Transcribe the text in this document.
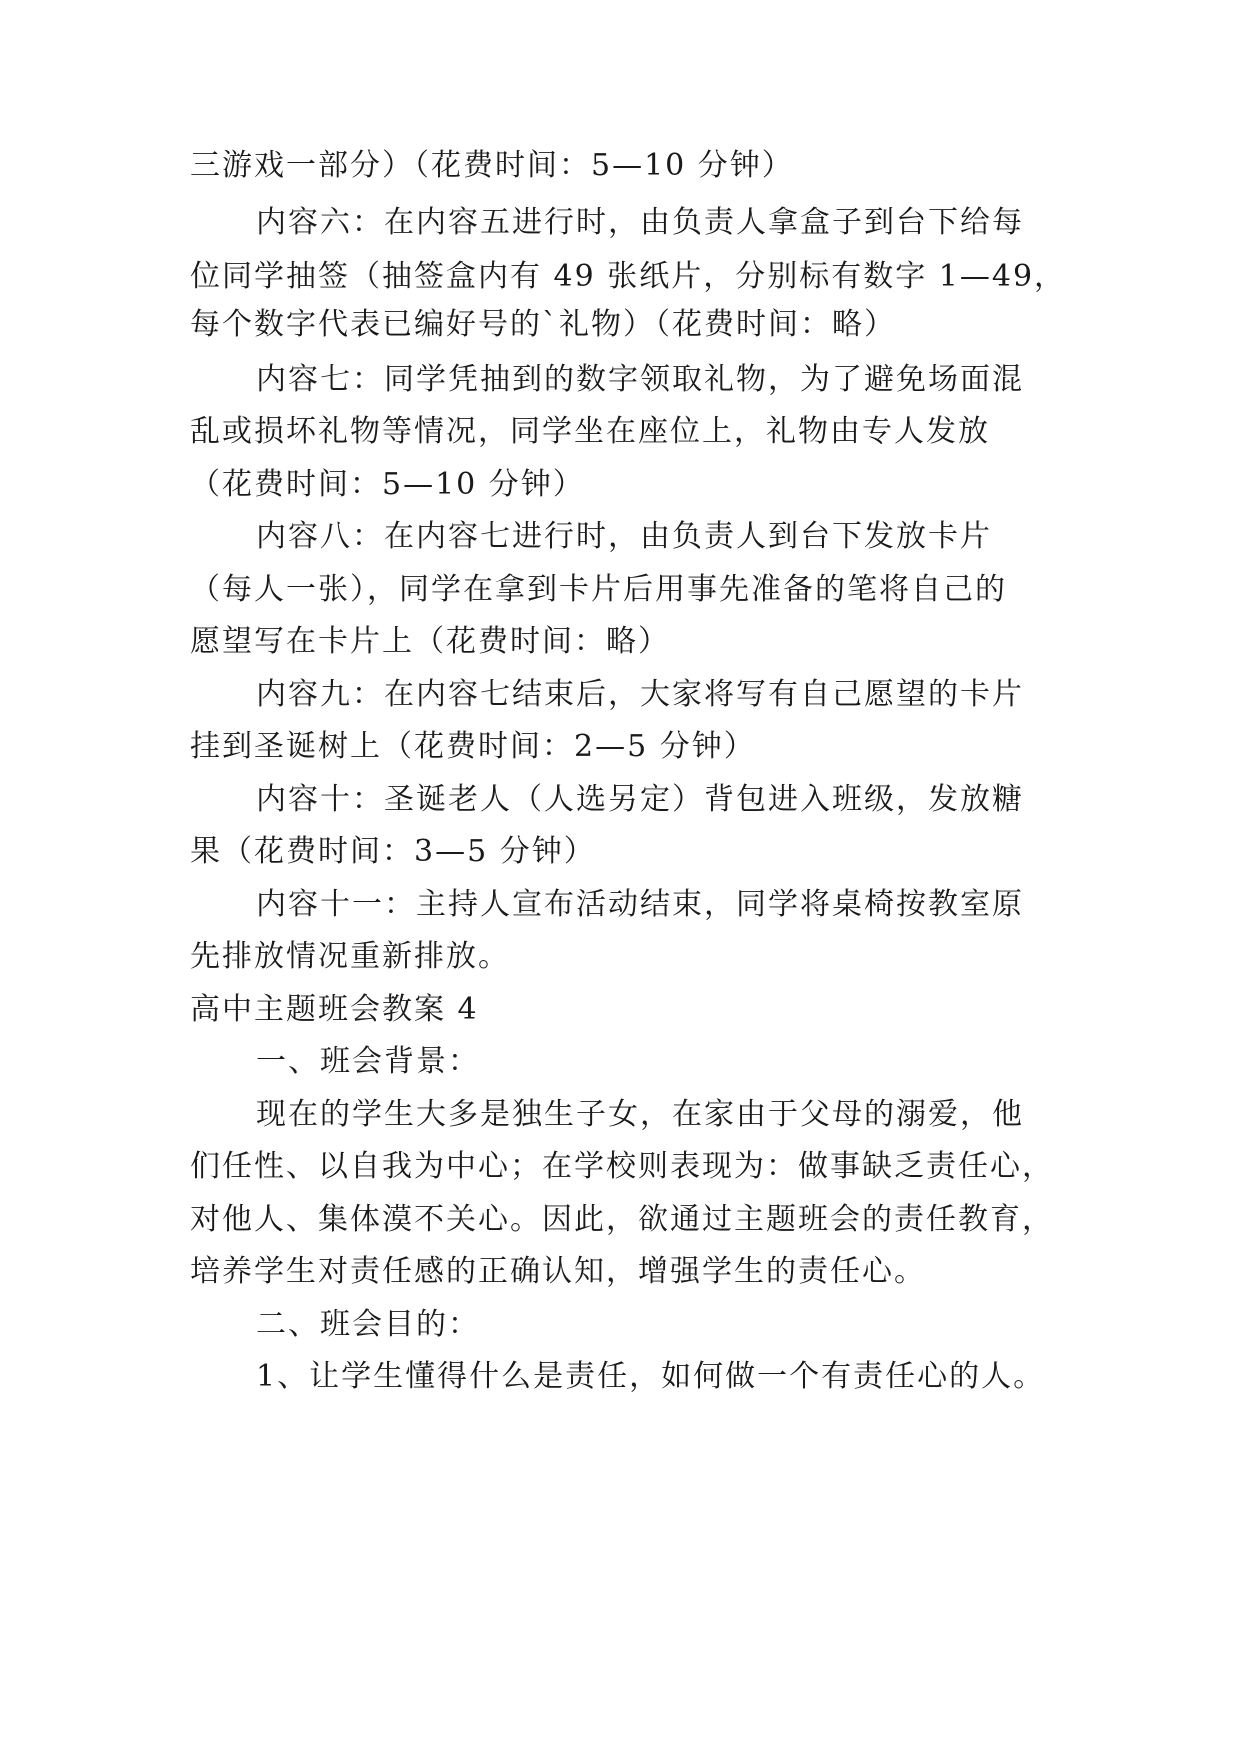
三游戏一部分）（花费时间：5—10 分钟）
内容六：在内容五进行时，由负责人拿盒子到台下给每
位同学抽签（抽签盒内有 49 张纸片，分别标有数字 1—49，
每个数字代表已编好号的`礼物）（花费时间：略）
内容七：同学凭抽到的数字领取礼物，为了避免场面混
乱或损坏礼物等情况，同学坐在座位上，礼物由专人发放
（花费时间：5—10 分钟）
内容八：在内容七进行时，由负责人到台下发放卡片
（每人一张），同学在拿到卡片后用事先准备的笔将自己的
愿望写在卡片上（花费时间：略）
内容九：在内容七结束后，大家将写有自己愿望的卡片
挂到圣诞树上（花费时间：2—5 分钟）
内容十：圣诞老人（人选另定）背包进入班级，发放糖
果（花费时间：3—5 分钟）
内容十一：主持人宣布活动结束，同学将桌椅按教室原
先排放情况重新排放。
高中主题班会教案 4
一、班会背景：
现在的学生大多是独生子女，在家由于父母的溺爱，他
们任性、以自我为中心；在学校则表现为：做事缺乏责任心，
对他人、集体漠不关心。因此，欲通过主题班会的责任教育，
培养学生对责任感的正确认知，增强学生的责任心。
二、班会目的：
1、让学生懂得什么是责任，如何做一个有责任心的人。
